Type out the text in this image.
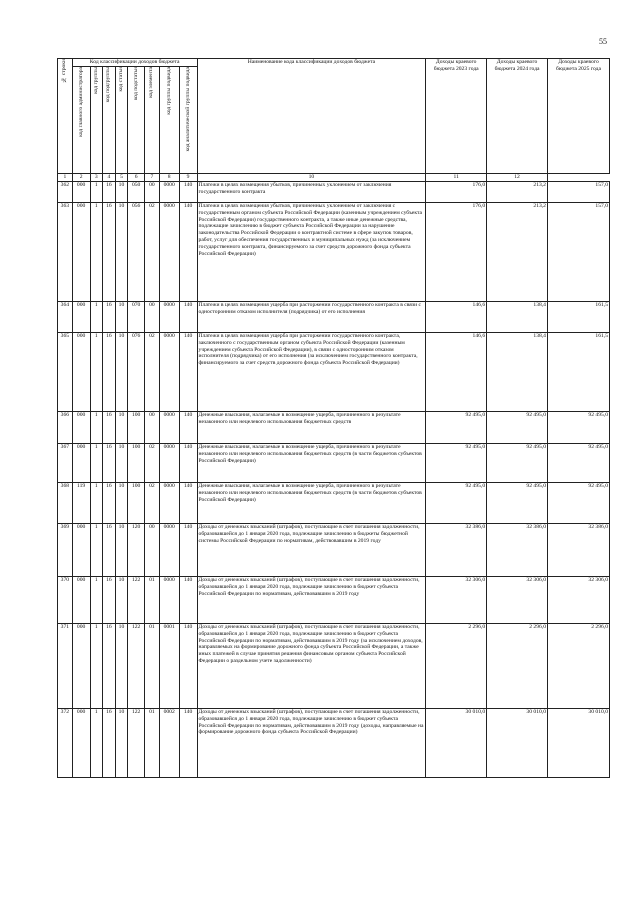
55
№ строки	Код классификации доходов бюджета								Наименование кода классификации доходов бюджета	Доходы краевого бюджета 2023 года	Доходы краевого бюджета 2024 года	Доходы краевого бюджета 2025 года

	код главного администратора	код группы	код подгруппы	код статьи	код подстатьи	код элемента	код группы подвида	код аналитической группы подвида				

1	2	3	4	5	6	7	8	9	10	11	12	
362	000	1	16	10	050	00	0000	140	Платежи в целях возмещения убытков, причиненных уклонением от заключения государственного контракта	176,0	213,2	157,0
363	000	1	16	10	056	02	0000	140	Платежи в целях возмещения убытков, причиненных уклонением от заключения с государственным органом субъекта Российской Федерации (казенным учреждением субъекта Российской Федерации) государственного контракта, а также иные денежные средства, подлежащие зачислению в бюджет субъекта Российской Федерации за нарушение законодательства Российской Федерации о контрактной системе в сфере закупок товаров, работ, услуг для обеспечения государственных и муниципальных нужд (за исключением государственного контракта, финансируемого за счет средств дорожного фонда субъекта Российской Федерации)	176,0	213,2	157,0
364	000	1	16	10	070	00	0000	140	Платежи в целях возмещения ущерба при расторжении государственного контракта в связи с односторонним отказом исполнителя (подрядчика) от его исполнения	146,6	138,4	161,5
365	000	1	16	10	076	02	0000	140	Платежи в целях возмещения ущерба при расторжении государственного контракта, заключенного с государственным органом субъекта Российской Федерации (казенным учреждением субъекта Российской Федерации), в связи с односторонним отказом исполнителя (подрядчика) от его исполнения (за исключением государственного контракта, финансируемого за счет средств дорожного фонда субъекта Российской Федерации)	146,6	138,4	161,5
366	000	1	16	10	100	00	0000	140	Денежные взыскания, налагаемые в возмещение ущерба, причиненного в результате незаконного или нецелевого использования бюджетных средств	92 495,0	92 495,0	92 495,0
367	000	1	16	10	100	02	0000	140	Денежные взыскания, налагаемые в возмещение ущерба, причиненного в результате незаконного или нецелевого использования бюджетных средств (в части бюджетов субъектов Российской Федерации)	92 495,0	92 495,0	92 495,0
368	119	1	16	10	100	02	0000	140	Денежные взыскания, налагаемые в возмещение ущерба, причиненного в результате незаконного или нецелевого использования бюджетных средств (в части бюджетов субъектов Российской Федерации)	92 495,0	92 495,0	92 495,0
369	000	1	16	10	120	00	0000	140	Доходы от денежных взысканий (штрафов), поступающие в счет погашения задолженности, образовавшейся до 1 января 2020 года, подлежащие зачислению в бюджеты бюджетной системы Российской Федерации по нормативам, действовавшим в 2019 году	32 386,0	32 386,0	32 386,0
370	000	1	16	10	122	01	0000	140	Доходы от денежных взысканий (штрафов), поступающие в счет погашения задолженности, образовавшейся до 1 января 2020 года, подлежащие зачислению в бюджет субъекта Российской Федерации по нормативам, действовавшим в 2019 году	32 306,0	32 306,0	32 306,0
371	000	1	16	10	122	01	0001	140	Доходы от денежных взысканий (штрафов), поступающие в счет погашения задолженности, образовавшейся до 1 января 2020 года, подлежащие зачислению в бюджет субъекта Российской Федерации по нормативам, действовавшим в 2019 году (за исключением доходов, направляемых на формирование дорожного фонда субъекта Российской Федерации, а также иных платежей в случае принятия решения финансовым органом субъекта Российской Федерации о раздельном учете задолженности)	2 296,0	2 296,0	2 296,0
372	000	1	16	10	122	01	0002	140	Доходы от денежных взысканий (штрафов), поступающие в счет погашения задолженности, образовавшейся до 1 января 2020 года, подлежащие зачислению в бюджет субъекта Российской Федерации по нормативам, действовавшим в 2019 году (доходы, направляемые на формирование дорожного фонда субъекта Российской Федерации)	30 010,0	30 010,0	30 010,0
